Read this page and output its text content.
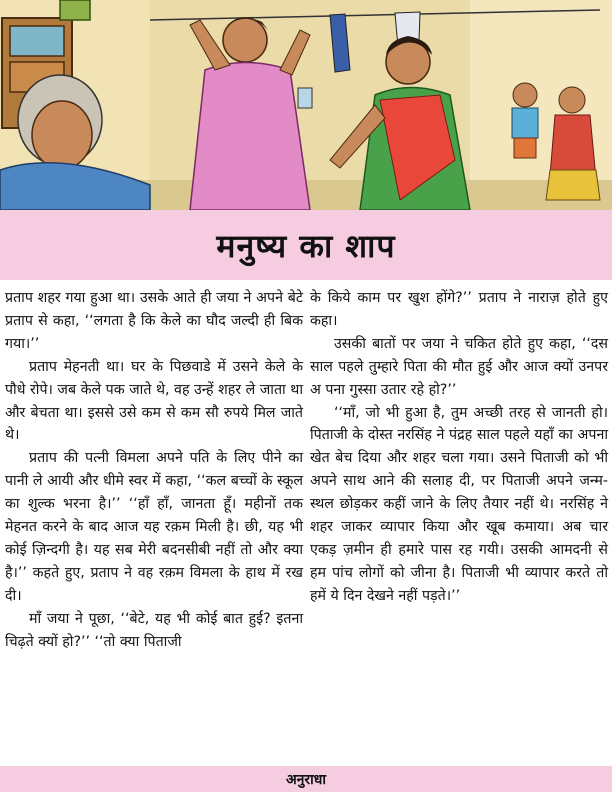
मनुष्य का शाप

प्रताप शहर गया हुआ था। उसके आते ही जया ने अपने बेटे प्रताप से कहा, ‘‘लगता है कि केले का घौद जल्दी ही बिक गया।’’

प्रताप मेहनती था। घर के पिछवाडे में उसने केले के पौधे रोपे। जब केले पक जाते थे, वह उन्हें शहर ले जाता था और बेचता था। इससे उसे कम से कम सौ रुपये मिल जाते थे।

प्रताप की पत्नी विमला अपने पति के लिए पीने का पानी ले आयी और धीमे स्वर में कहा, ‘‘कल बच्चों के स्कूल का शुल्क भरना है।’’ ‘‘हाँ हाँ, जानता हूँ। महीनों तक मेहनत करने के बाद आज यह रक़म मिली है। छी, यह भी कोई ज़िन्दगी है। यह सब मेरी बदनसीबी नहीं तो और क्या है।’’ कहते हुए, प्रताप ने वह रक़म विमला के हाथ में रख दी।

माँ जया ने पूछा, ‘‘बेटे, यह भी कोई बात हुई? इतना चिढ़ते क्यों हो?’’ ‘‘तो क्या पिताजी

के किये काम पर खुश होंगे?’’ प्रताप ने नाराज़ होते हुए कहा।

उसकी बातों पर जया ने चकित होते हुए कहा, ‘‘दस साल पहले तुम्हारे पिता की मौत हुई और आज क्यों उनपर अ पना गुस्सा उतार रहे हो?’’

‘‘माँ, जो भी हुआ है, तुम अच्छी तरह से जानती हो। पिताजी के दोस्त नरसिंह ने पंद्रह साल पहले यहाँ का अपना खेत बेच दिया और शहर चला गया। उसने पिताजी को भी अपने साथ आने की सलाह दी, पर पिताजी अपने जन्म-स्थल छोड़कर कहीं जाने के लिए तैयार नहीं थे। नरसिंह ने शहर जाकर व्यापार किया और खूब कमाया। अब चार एकड़ ज़मीन ही हमारे पास रह गयी। उसकी आमदनी से हम पांच लोगों को जीना है। पिताजी भी व्यापार करते तो हमें ये दिन देखने नहीं पड़ते।’’

अनुराधा
